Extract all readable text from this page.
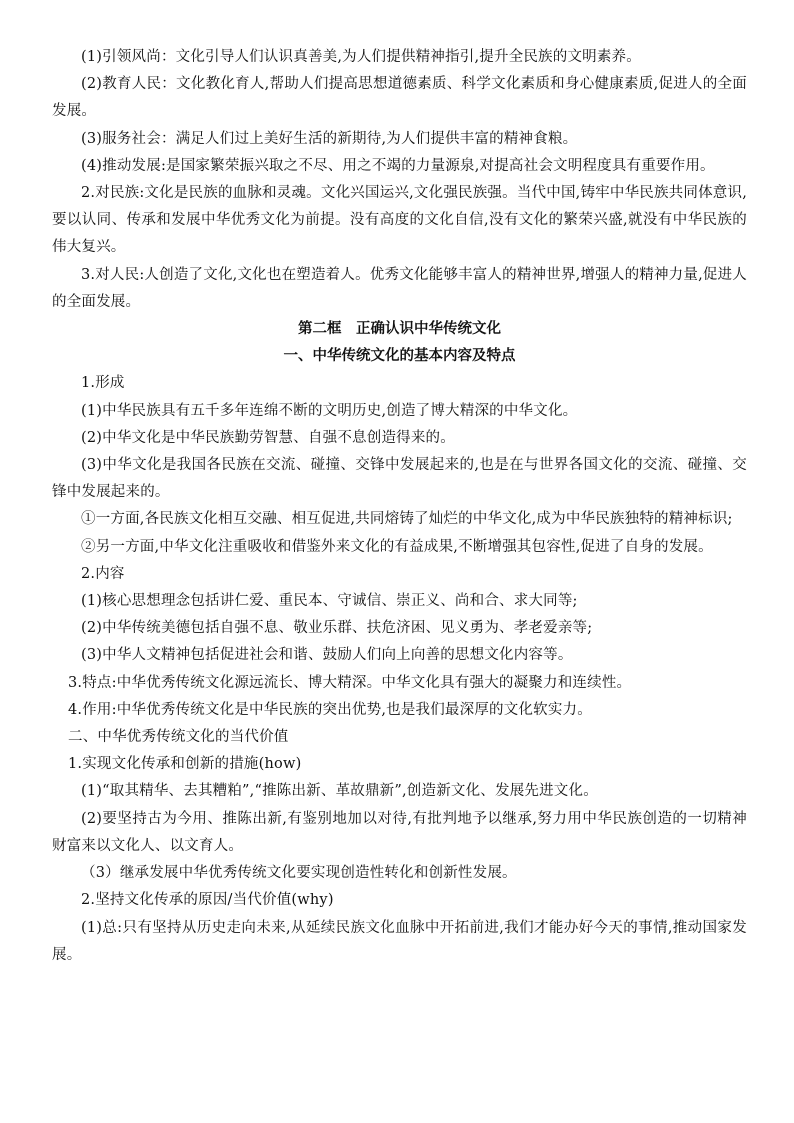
(1)引领风尚：文化引导人们认识真善美,为人们提供精神指引,提升全民族的文明素养。

(2)教育人民：文化教化育人,帮助人们提高思想道德素质、科学文化素质和身心健康素质,促进人的全面发展。

(3)服务社会：满足人们过上美好生活的新期待,为人们提供丰富的精神食粮。

(4)推动发展:是国家繁荣振兴取之不尽、用之不竭的力量源泉,对提高社会文明程度具有重要作用。

2.对民族:文化是民族的血脉和灵魂。文化兴国运兴,文化强民族强。当代中国,铸牢中华民族共同体意识,要以认同、传承和发展中华优秀文化为前提。没有高度的文化自信,没有文化的繁荣兴盛,就没有中华民族的伟大复兴。

3.对人民:人创造了文化,文化也在塑造着人。优秀文化能够丰富人的精神世界,增强人的精神力量,促进人的全面发展。

第二框　正确认识中华传统文化

一、中华传统文化的基本内容及特点

1.形成

(1)中华民族具有五千多年连绵不断的文明历史,创造了博大精深的中华文化。

(2)中华文化是中华民族勤劳智慧、自强不息创造得来的。

(3)中华文化是我国各民族在交流、碰撞、交锋中发展起来的,也是在与世界各国文化的交流、碰撞、交锋中发展起来的。

①一方面,各民族文化相互交融、相互促进,共同熔铸了灿烂的中华文化,成为中华民族独特的精神标识;

②另一方面,中华文化注重吸收和借鉴外来文化的有益成果,不断增强其包容性,促进了自身的发展。

2.内容

(1)核心思想理念包括讲仁爱、重民本、守诚信、崇正义、尚和合、求大同等;

(2)中华传统美德包括自强不息、敬业乐群、扶危济困、见义勇为、孝老爱亲等;

(3)中华人文精神包括促进社会和谐、鼓励人们向上向善的思想文化内容等。

3.特点:中华优秀传统文化源远流长、博大精深。中华文化具有强大的凝聚力和连续性。

4.作用:中华优秀传统文化是中华民族的突出优势,也是我们最深厚的文化软实力。

二、中华优秀传统文化的当代价值

1.实现文化传承和创新的措施(how)

(1)“取其精华、去其糟粕”,“推陈出新、革故鼎新”,创造新文化、发展先进文化。

(2)要坚持古为今用、推陈出新,有鉴别地加以对待,有批判地予以继承,努力用中华民族创造的一切精神财富来以文化人、以文育人。

（3）继承发展中华优秀传统文化要实现创造性转化和创新性发展。

2.坚持文化传承的原因/当代价值(why)

(1)总:只有坚持从历史走向未来,从延续民族文化血脉中开拓前进,我们才能办好今天的事情,推动国家发展。
